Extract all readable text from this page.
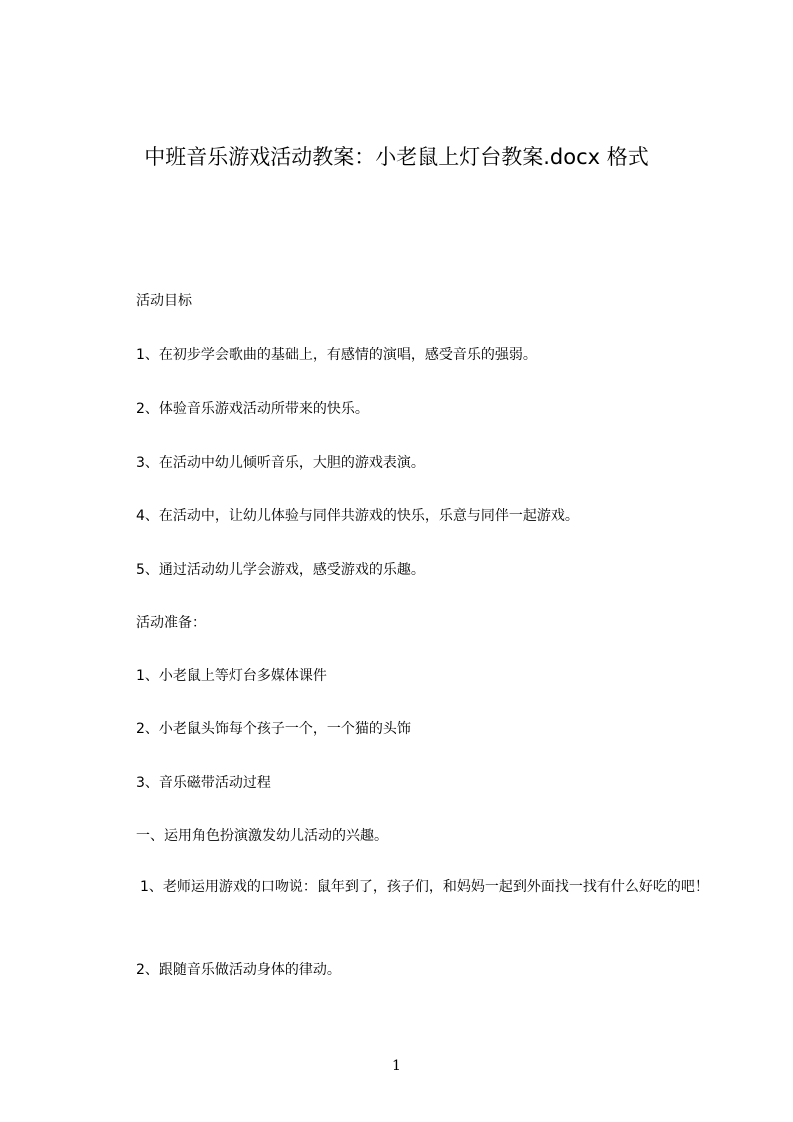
中班音乐游戏活动教案：小老鼠上灯台教案.docx 格式
活动目标
1、在初步学会歌曲的基础上，有感情的演唱，感受音乐的强弱。
2、体验音乐游戏活动所带来的快乐。
3、在活动中幼儿倾听音乐，大胆的游戏表演。
4、在活动中，让幼儿体验与同伴共游戏的快乐，乐意与同伴一起游戏。
5、通过活动幼儿学会游戏，感受游戏的乐趣。
活动准备：
1、小老鼠上等灯台多媒体课件
2、小老鼠头饰每个孩子一个，一个猫的头饰
3、音乐磁带活动过程
一、运用角色扮演激发幼儿活动的兴趣。
1、老师运用游戏的口吻说：鼠年到了，孩子们，和妈妈一起到外面找一找有什么好吃的吧！
2、跟随音乐做活动身体的律动。
1
